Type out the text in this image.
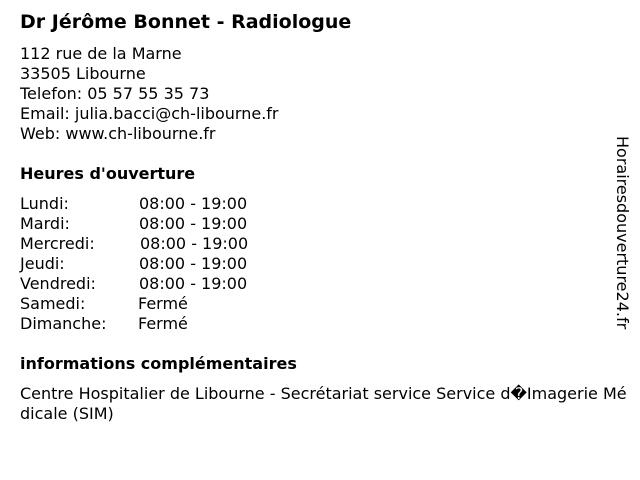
Dr Jérôme Bonnet - Radiologue
112 rue de la Marne
33505 Libourne
Telefon: 05 57 55 35 73
Email: julia.bacci@ch-libourne.fr
Web: www.ch-libourne.fr
Heures d'ouverture
Lundi:	08:00 - 19:00
Mardi:	08:00 - 19:00
Mercredi:	08:00 - 19:00
Jeudi:	08:00 - 19:00
Vendredi:	08:00 - 19:00
Samedi:	Fermé
Dimanche: Fermé
informations complémentaires
Centre Hospitalier de Libourne - Secrétariat service Service d�Imagerie Médicale (SIM)
Horairesdouverture24.fr
